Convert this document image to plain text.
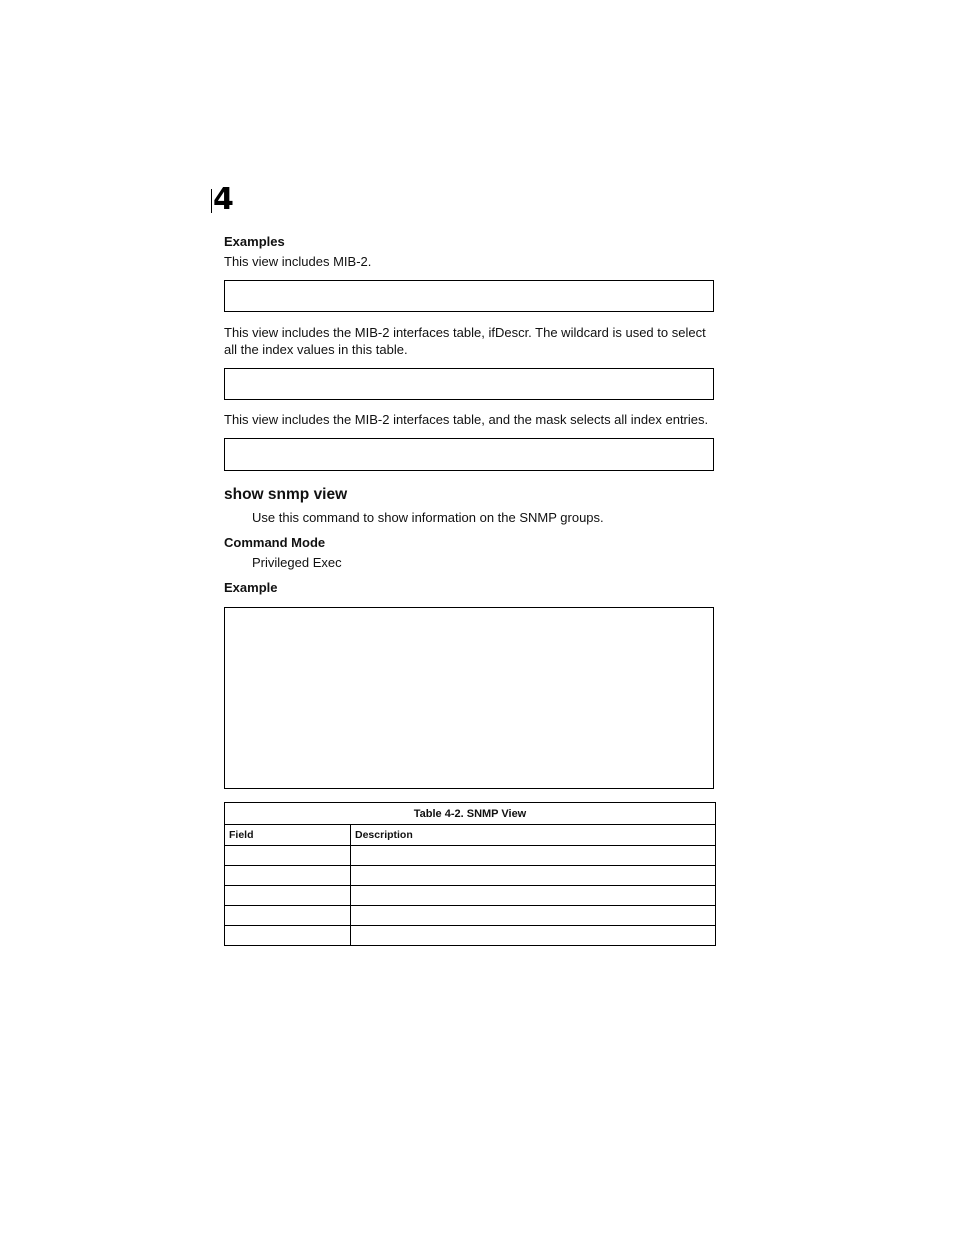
4
Examples
This view includes MIB-2.
This view includes the MIB-2 interfaces table, ifDescr. The wildcard is used to select
all the index values in this table.
This view includes the MIB-2 interfaces table, and the mask selects all index entries.
show snmp view
Use this command to show information on the SNMP groups.
Command Mode
Privileged Exec
Example
Table 4-2. SNMP View	
Field	Description
